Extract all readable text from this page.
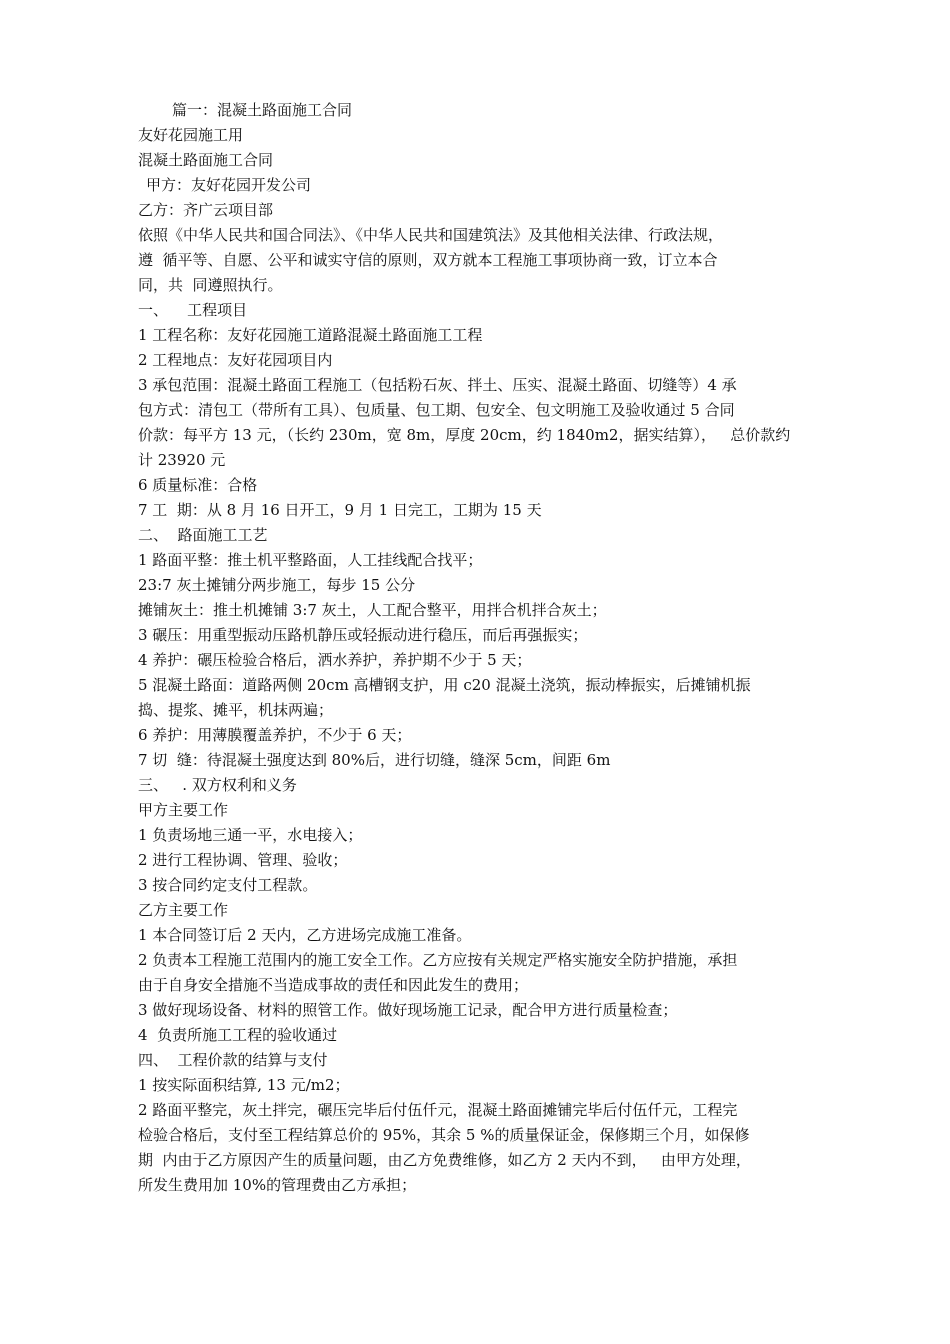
篇一：混凝土路面施工合同
友好花园施工用
混凝土路面施工合同
甲方：友好花园开发公司
乙方：齐广云项目部
依照《中华人民共和国合同法》、《中华人民共和国建筑法》及其他相关法律、行政法规，
遵  循平等、自愿、公平和诚实守信的原则，双方就本工程施工事项协商一致，订立本合
同，共  同遵照执行。
一、    工程项目
1 工程名称：友好花园施工道路混凝土路面施工工程
2 工程地点：友好花园项目内
3 承包范围：混凝土路面工程施工（包括粉石灰、拌土、压实、混凝土路面、切缝等）4 承
包方式：清包工（带所有工具）、包质量、包工期、包安全、包文明施工及验收通过 5 合同
价款：每平方 13 元，（长约 230m，宽 8m，厚度 20cm，约 1840m2，据实结算），   总价款约
计 23920 元
6 质量标准：合格
7 工  期：从 8 月 16 日开工，9 月 1 日完工，工期为 15 天
二、  路面施工工艺
1 路面平整：推土机平整路面，人工挂线配合找平；
23:7 灰土摊铺分两步施工，每步 15 公分
摊铺灰土：推土机摊铺 3:7 灰土，人工配合整平，用拌合机拌合灰土；
3 碾压：用重型振动压路机静压或轻振动进行稳压，而后再强振实；
4 养护：碾压检验合格后，洒水养护，养护期不少于 5 天；
5 混凝土路面：道路两侧 20cm 高槽钢支护，用 c20 混凝土浇筑，振动棒振实，后摊铺机振
捣、提浆、摊平，机抹两遍；
6 养护：用薄膜覆盖养护，不少于 6 天；
7 切  缝：待混凝土强度达到 80%后，进行切缝，缝深 5cm，间距 6m
三、   . 双方权利和义务
甲方主要工作
1 负责场地三通一平，水电接入；
2 进行工程协调、管理、验收；
3 按合同约定支付工程款。
乙方主要工作
1 本合同签订后 2 天内，乙方进场完成施工准备。
2 负责本工程施工范围内的施工安全工作。乙方应按有关规定严格实施安全防护措施，承担
由于自身安全措施不当造成事故的责任和因此发生的费用；
3 做好现场设备、材料的照管工作。做好现场施工记录，配合甲方进行质量检查；
4  负责所施工工程的验收通过
四、  工程价款的结算与支付
1 按实际面积结算, 13 元/m2；
2 路面平整完，灰土拌完，碾压完毕后付伍仟元，混凝土路面摊铺完毕后付伍仟元，工程完
检验合格后，支付至工程结算总价的 95%，其余 5 %的质量保证金，保修期三个月，如保修
期  内由于乙方原因产生的质量问题，由乙方免费维修，如乙方 2 天内不到，   由甲方处理，
所发生费用加 10%的管理费由乙方承担；
